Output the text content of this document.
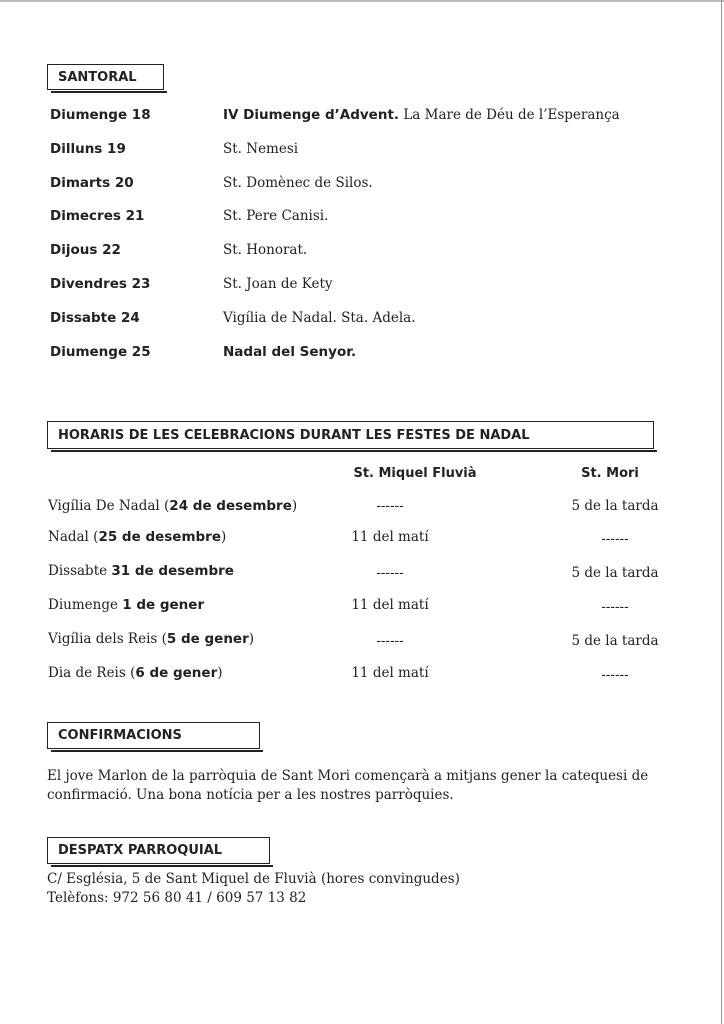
SANTORAL
Diumenge 18	IV Diumenge d’Advent. La Mare de Déu de l’Esperança
Dilluns 19	St. Nemesi
Dimarts 20	St. Domènec de Silos.
Dimecres 21	St. Pere Canisi.
Dijous 22	St. Honorat.
Divendres 23	St. Joan de Kety
Dissabte 24	Vigília de Nadal. Sta. Adela.
Diumenge 25	Nadal del Senyor.
HORARIS DE LES CELEBRACIONS DURANT LES FESTES DE NADAL
St. Miquel Fluvià	St. Mori
Vigília De Nadal (24 de desembre)	------	5 de la tarda
Nadal (25 de desembre)	11 del matí	------
Dissabte 31 de desembre	------	5 de la tarda
Diumenge 1 de gener	11 del matí	------
Vigília dels Reis (5 de gener)	------	5 de la tarda
Dia de Reis (6 de gener)	11 del matí	------
CONFIRMACIONS
El jove Marlon de la parròquia de Sant Mori començarà a mitjans gener la catequesi de
confirmació. Una bona notícia per a les nostres parròquies.
DESPATX PARROQUIAL
C/ Església, 5 de Sant Miquel de Fluvià (hores convingudes)
Telèfons: 972 56 80 41 / 609 57 13 82
